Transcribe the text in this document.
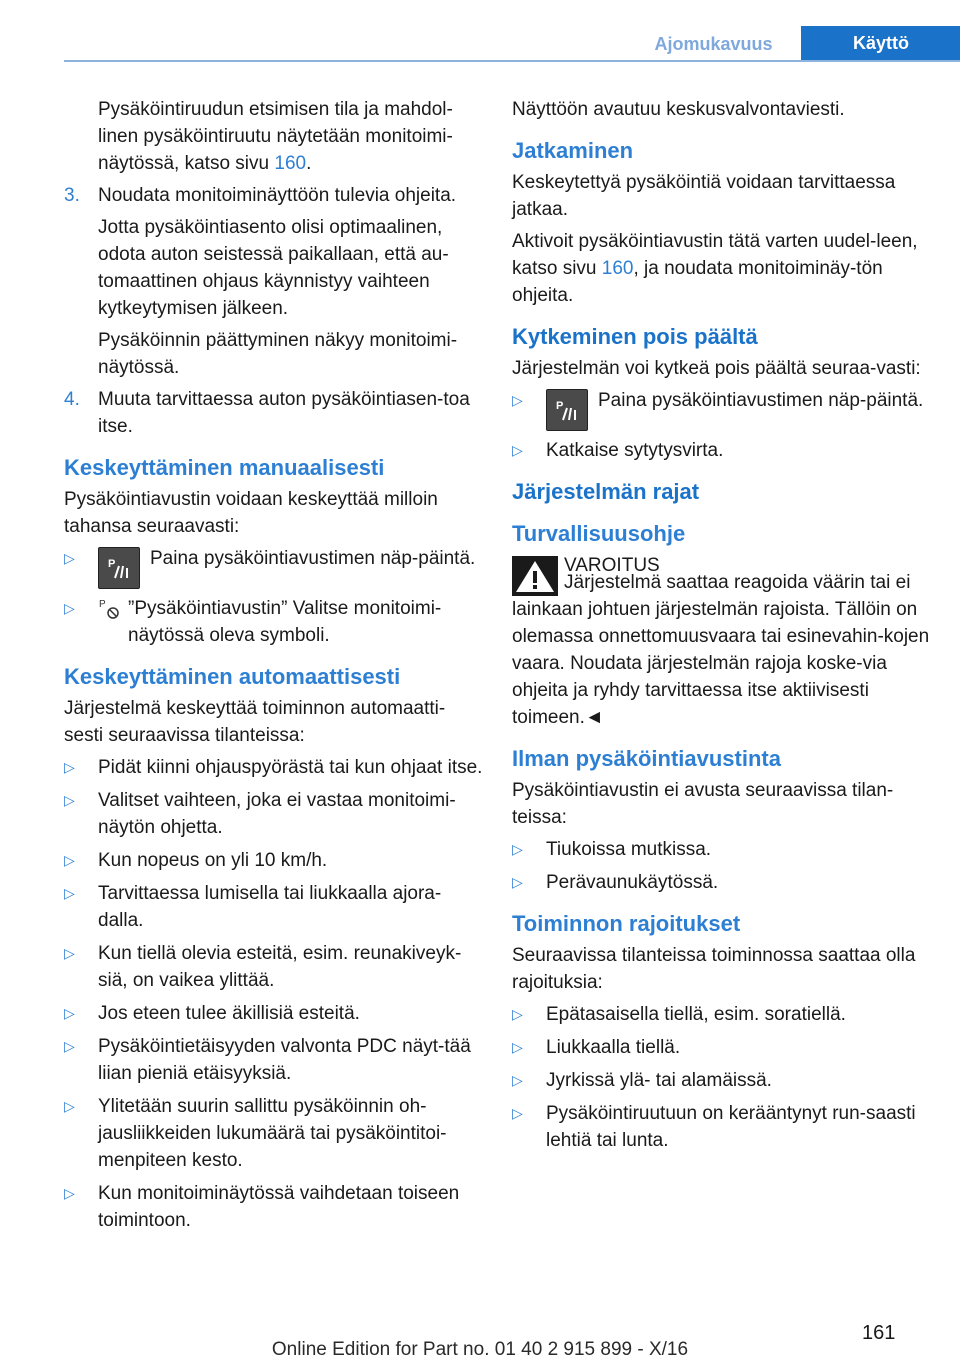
Ajomukavuus	Käyttö

Pysäköintiruudun etsimisen tila ja mahdol-linen pysäköintiruutu näytetään monitoimi-näytössä, katso sivu 160.

3. Noudata monitoiminäyttöön tulevia ohjeita.

Jotta pysäköintiasento olisi optimaalinen, odota auton seistessä paikallaan, että au-tomaattinen ohjaus käynnistyy vaihteen kytkeytymisen jälkeen.

Pysäköinnin päättyminen näkyy monitoimi-näytössä.

4. Muuta tarvittaessa auton pysäköintiasen-toa itse.
Keskeyttäminen manuaalisesti

Pysäköintiavustin voidaan keskeyttää milloin tahansa seuraavasti:

▷	P Paina pysäköintiavustimen näp-päintä.
▷	P ”Pysäköintiavustin” Valitse monitoimi-näytössä oleva symboli.
Keskeyttäminen automaattisesti

Järjestelmä keskeyttää toiminnon automaatti-sesti seuraavissa tilanteissa:

▷	Pidät kiinni ohjauspyörästä tai kun ohjaat itse.
▷	Valitset vaihteen, joka ei vastaa monitoimi-näytön ohjetta.
▷	Kun nopeus on yli 10 km/h.
▷	Tarvittaessa lumisella tai liukkaalla ajora-dalla.
▷	Kun tiellä olevia esteitä, esim. reunakiveyk-siä, on vaikea ylittää.
▷	Jos eteen tulee äkillisiä esteitä.
▷	Pysäköintietäisyyden valvonta PDC näyt-tää liian pieniä etäisyyksiä.
▷	Ylitetään suurin sallittu pysäköinnin oh-jausliikkeiden lukumäärä tai pysäköintitoi-menpiteen kesto.
▷	Kun monitoiminäytössä vaihdetaan toiseen toimintoon.

Näyttöön avautuu keskusvalvontaviesti.

Jatkaminen

Keskeytettyä pysäköintiä voidaan tarvittaessa jatkaa.

Aktivoit pysäköintiavustin tätä varten uudel-leen, katso sivu 160, ja noudata monitoiminäy-tön ohjeita.

Kytkeminen pois päältä

Järjestelmän voi kytkeä pois päältä seuraa-vasti:

▷	P Paina pysäköintiavustimen näp-päintä.
▷	Katkaise sytytysvirta.
Järjestelmän rajat
Turvallisuusohje
VAROITUS

Järjestelmä saattaa reagoida väärin tai ei lainkaan johtuen järjestelmän rajoista. Tällöin on olemassa onnettomuusvaara tai esinevahin-kojen vaara. Noudata järjestelmän rajoja koske-via ohjeita ja ryhdy tarvittaessa itse aktiivisesti toimeen.◄

Ilman pysäköintiavustinta

Pysäköintiavustin ei avusta seuraavissa tilan-teissa:

▷	Tiukoissa mutkissa.
▷	Perävaunukäytössä.
Toiminnon rajoitukset

Seuraavissa tilanteissa toiminnossa saattaa olla rajoituksia:

▷	Epätasaisella tiellä, esim. soratiellä.
▷	Liukkaalla tiellä.
▷	Jyrkissä ylä- tai alamäissä.
▷	Pysäköintiruutuun on kerääntynyt run-saasti lehtiä tai lunta.
161
Online Edition for Part no. 01 40 2 915 899 - X/16
